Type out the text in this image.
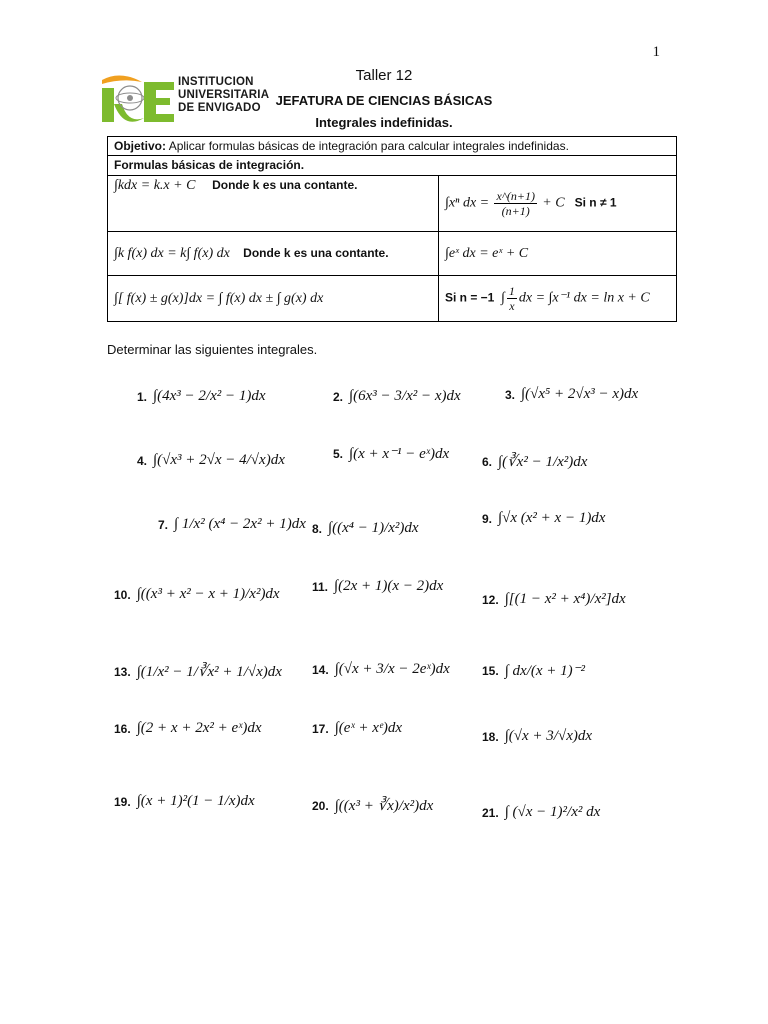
1
INSTITUCION
UNIVERSITARIA
DE ENVIGADO
Taller 12
JEFATURA DE CIENCIAS BÁSICAS
Integrales indefinidas.
Objetivo: Aplicar formulas básicas de integración para calcular integrales indefinidas.	
Formulas básicas de integración.	
∫kdx = k.x + C Donde k es una contante.	∫xⁿ dx = $\frac{x\^{}(n+1)}{(n+1)} + C$ Si n ≠ 1
∫k f(x) dx = k∫ f(x) dx Donde k es una contante.	∫eˣ dx = eˣ + C
∫[ f(x) ± g(x)]dx = ∫ f(x) dx ± ∫ g(x) dx	Si n = −1 ∫ $\frac{1}{x}$ dx = ∫x⁻¹ dx = ln x + C
Determinar las siguientes integrales.
1. ∫(4x³ − 2/x² − 1)dx	2. ∫(6x³ − 3/x² − x)dx	3. ∫(√x⁵ + 2√x³ − x)dx
4. ∫(√x³ + 2√x − 4/√x)dx	5. ∫(x + x⁻¹ − eˣ)dx	6. ∫(∛x² − 1/x²)dx
7. ∫ 1/x² (x⁴ − 2x² + 1)dx 8. ∫((x⁴ − 1)/x²)dx
9. ∫√x (x² + x − 1)dx
10. ∫((x³ + x² − x + 1)/x²)dx	11. ∫(2x + 1)(x − 2)dx
12. ∫[(1 − x² + x⁴)/x²]dx
13. ∫(1/x² − 1/∛x² + 1/√x)dx	14. ∫(√x + 3/x − 2eˣ)dx	15. ∫ dx/(x + 1)⁻²
16. ∫(2 + x + 2x² + eˣ)dx	17. ∫(eˣ + xᵉ)dx
18. ∫(√x + 3/√x)dx
19. ∫(x + 1)²(1 − 1/x)dx	20. ∫((x³ + ∛x)/x²)dx	21. ∫ (√x − 1)²/x² dx
